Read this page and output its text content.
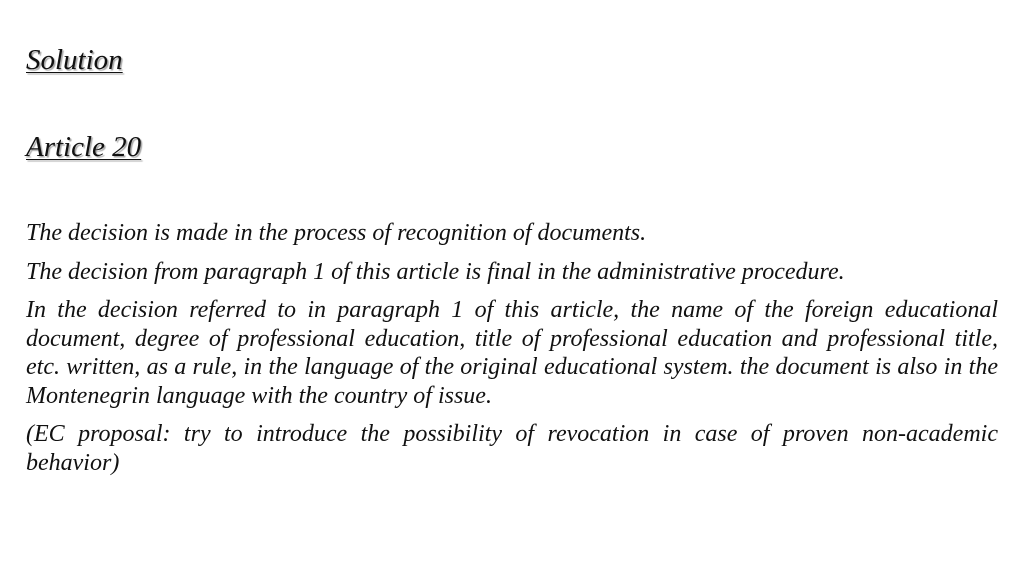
Solution
Article 20

The decision is made in the process of recognition of documents.

The decision from paragraph 1 of this article is final in the administrative procedure.

In the decision referred to in paragraph 1 of this article, the name of the foreign educational document, degree of professional education, title of professional education and professional title, etc. written, as a rule, in the language of the original educational system. the document is also in the Montenegrin language with the country of issue.

(EC proposal: try to introduce the possibility of revocation in case of proven non-academic behavior)
